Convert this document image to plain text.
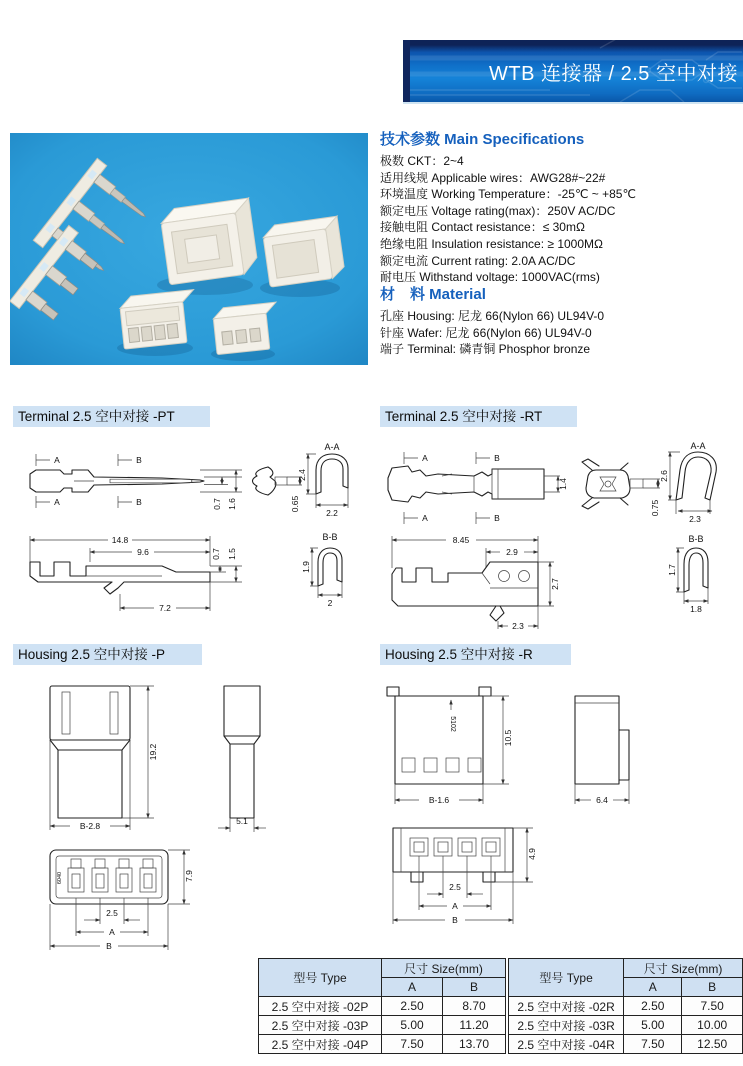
WTB 连接器 / 2.5 空中对接
技术参数 Main Specifications
极数 CKT：2~4
适用线规 Applicable wires：AWG28#~22#
环境温度 Working Temperature：-25℃ ~ +85℃
额定电压 Voltage rating(max)：250V AC/DC
接触电阻 Contact resistance：≤ 30mΩ
绝缘电阻 Insulation resistance: ≥ 1000MΩ
额定电流 Current rating: 2.0A AC/DC
耐电压 Withstand voltage: 1000VAC(rms)
材　料 Material
孔座 Housing: 尼龙 66(Nylon 66) UL94V-0
针座 Wafer: 尼龙 66(Nylon 66) UL94V-0
端子 Terminal: 磷青铜 Phosphor bronze
Terminal 2.5 空中对接 -PT	Terminal 2.5 空中对接 -RT
Housing 2.5 空中对接 -P	Housing 2.5 空中对接 -R
A	B
0.7 1.6
A	B	0.65
A-A
2.4
2.2
14.8
9.6	0.7 1.5
7.2
B-B
1.9
2
A	B
1.4
A	B
0.75
A-A
2.6
2.3
8.45
2.9
2.7
2.3
B-B
1.7
1.8
19.2
B-2.8	5.1
6040	7.9
2.5
A
B
5102
10.5
B-1.6	6.4
4.9
2.5
A
B
型号 Type	尺寸 Size(mm)	
	A	B
2.5 空中对接 -02P	2.50	8.70
2.5 空中对接 -03P	5.00	11.20
2.5 空中对接 -04P	7.50	13.70
型号 Type	尺寸 Size(mm)	
	A	B
2.5 空中对接 -02R	2.50	7.50
2.5 空中对接 -03R	5.00	10.00
2.5 空中对接 -04R	7.50	12.50
